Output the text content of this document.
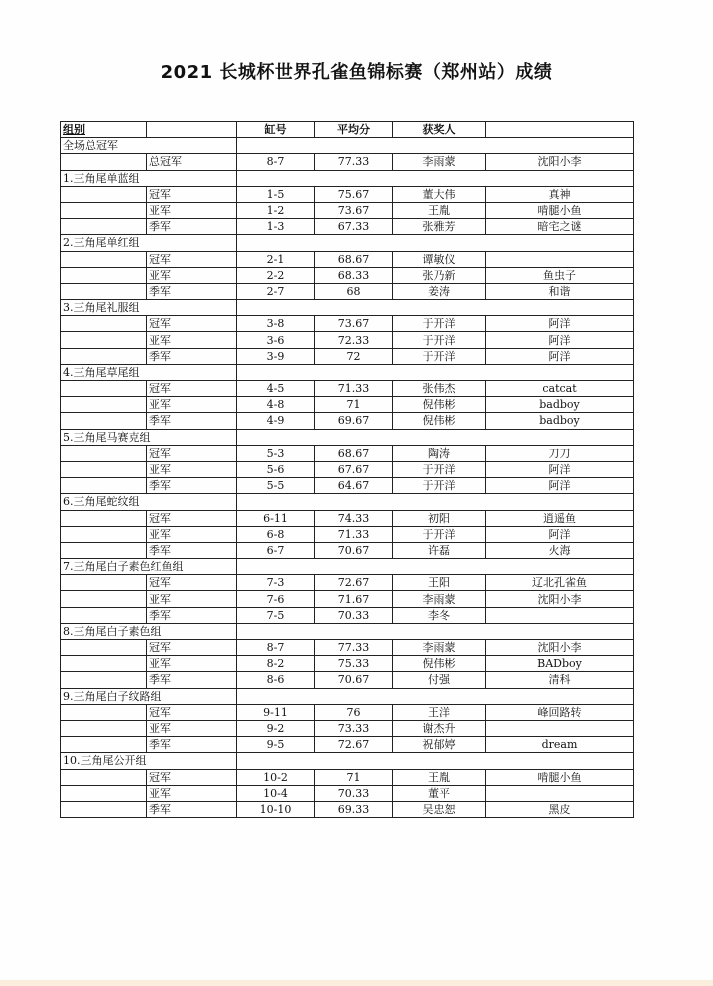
2021 长城杯世界孔雀鱼锦标赛（郑州站）成绩
组别		缸号	平均分	获奖人	
全场总冠军					
	总冠军	8-7	77.33	李雨蒙	沈阳小李
1.三角尾单蓝组					
	冠军	1-5	75.67	董大伟	真神
	亚军	1-2	73.67	王胤	啃腿小鱼
	季军	1-3	67.33	张雅芳	暗宅之谜
2.三角尾单红组					
	冠军	2-1	68.67	谭敏仪	
	亚军	2-2	68.33	张乃新	鱼虫子
	季军	2-7	68	姜涛	和谐
3.三角尾礼服组					
	冠军	3-8	73.67	于开洋	阿洋
	亚军	3-6	72.33	于开洋	阿洋
	季军	3-9	72	于开洋	阿洋
4.三角尾草尾组					
	冠军	4-5	71.33	张伟杰	catcat
	亚军	4-8	71	倪伟彬	badboy
	季军	4-9	69.67	倪伟彬	badboy
5.三角尾马赛克组					
	冠军	5-3	68.67	陶涛	刀刀
	亚军	5-6	67.67	于开洋	阿洋
	季军	5-5	64.67	于开洋	阿洋
6.三角尾蛇纹组					
	冠军	6-11	74.33	初阳	逍遥鱼
	亚军	6-8	71.33	于开洋	阿洋
	季军	6-7	70.67	许磊	火海
7.三角尾白子素色红鱼组					
	冠军	7-3	72.67	王阳	辽北孔雀鱼
	亚军	7-6	71.67	李雨蒙	沈阳小李
	季军	7-5	70.33	李冬	
8.三角尾白子素色组					
	冠军	8-7	77.33	李雨蒙	沈阳小李
	亚军	8-2	75.33	倪伟彬	BADboy
	季军	8-6	70.67	付强	清科
9.三角尾白子纹路组					
	冠军	9-11	76	王洋	峰回路转
	亚军	9-2	73.33	谢杰升	
	季军	9-5	72.67	祝郁婷	dream
10.三角尾公开组					
	冠军	10-2	71	王胤	啃腿小鱼
	亚军	10-4	70.33	董平	
	季军	10-10	69.33	吴忠恕	黑皮
